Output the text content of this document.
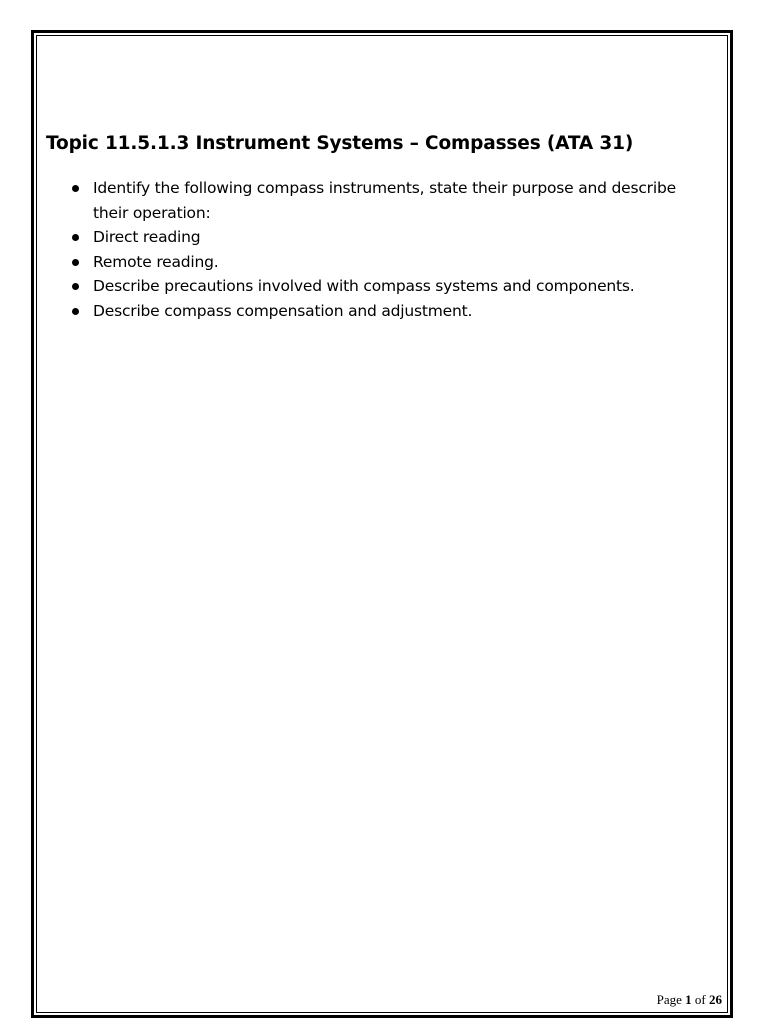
Topic 11.5.1.3 Instrument Systems – Compasses (ATA 31)
Identify the following compass instruments, state their purpose and describe their operation:
Direct reading
Remote reading.
Describe precautions involved with compass systems and components.
Describe compass compensation and adjustment.
Page 1 of 26
